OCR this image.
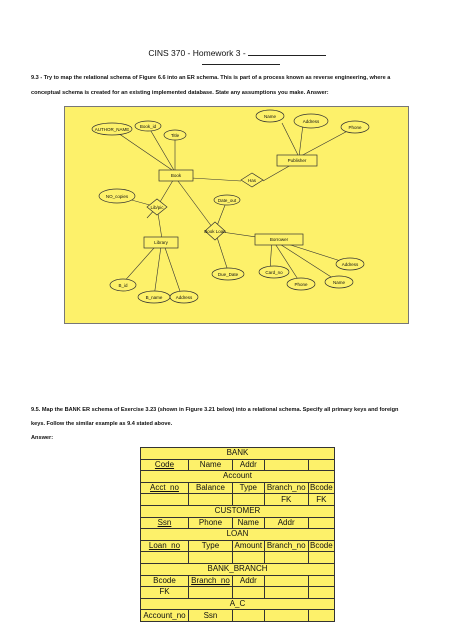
CINS 370 - Homework 3 -
9.3 - Try to map the relational schema of Figure 6.6 into an ER schema. This is part of a process known as reverse engineering, where a
conceptual schema is created for an existing implemented database. State any assumptions you make. Answer:
AUTHOR_NAME
Book_id
Title
Name
Address
Phone
NO_copies
Date_out
Card_no
Address
Phone	Name
Due_Date
B_id
B_name	Address
Book
Publisher
Library
Borrower
Has
Lib/pic
Book Loan
9.5. Map the BANK ER schema of Exercise 3.23 (shown in Figure 3.21 below) into a relational schema. Specify all primary keys and foreign
keys. Follow the similar example as 9.4 stated above.
Answer:
BANK				
Code	Name	Addr		
Account				
Acct_no	Balance	Type	Branch_no	Bcode
			FK	FK
CUSTOMER				
Ssn	Phone	Name	Addr	
LOAN				
Loan_no	Type	Amount	Branch_no	Bcode

BANK_BRANCH				
Bcode	Branch_no	Addr		
FK				
A_C				
Account_no	Ssn			
